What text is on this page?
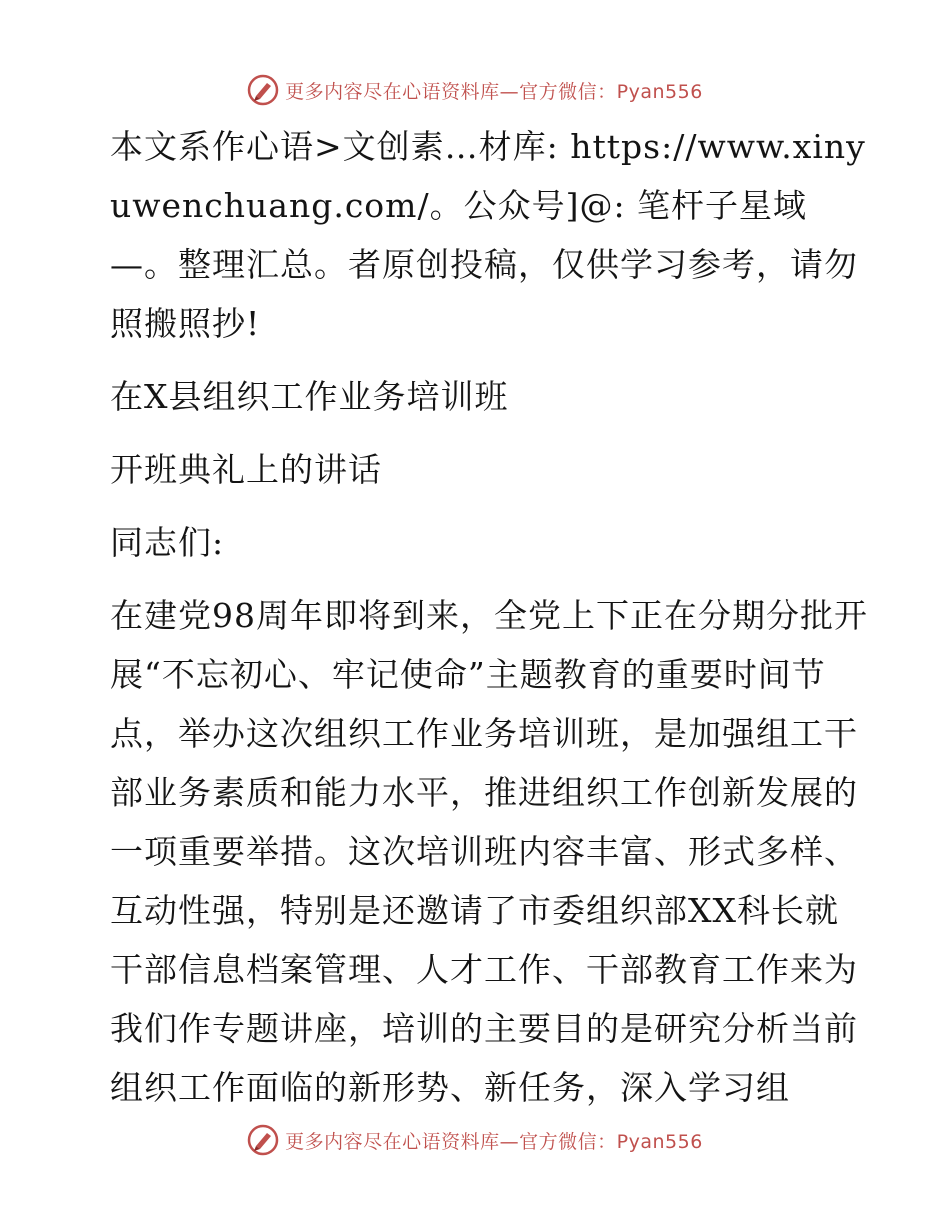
更多内容尽在心语资料库—官方微信：Pyan556

本文系作心语>文创素…材库: https://www.xinyuwenchuang.com/。公众号]@: 笔杆子星域—。整理汇总。者原创投稿，仅供学习参考，请勿照搬照抄!

在X县组织工作业务培训班

开班典礼上的讲话

同志们:

在建党98周年即将到来，全党上下正在分期分批开展“不忘初心、牢记使命”主题教育的重要时间节点，举办这次组织工作业务培训班，是加强组工干部业务素质和能力水平，推进组织工作创新发展的一项重要举措。这次培训班内容丰富、形式多样、互动性强，特别是还邀请了市委组织部XX科长就干部信息档案管理、人才工作、干部教育工作来为我们作专题讲座，培训的主要目的是研究分析当前组织工作面临的新形势、新任务，深入学习组

更多内容尽在心语资料库—官方微信：Pyan556
